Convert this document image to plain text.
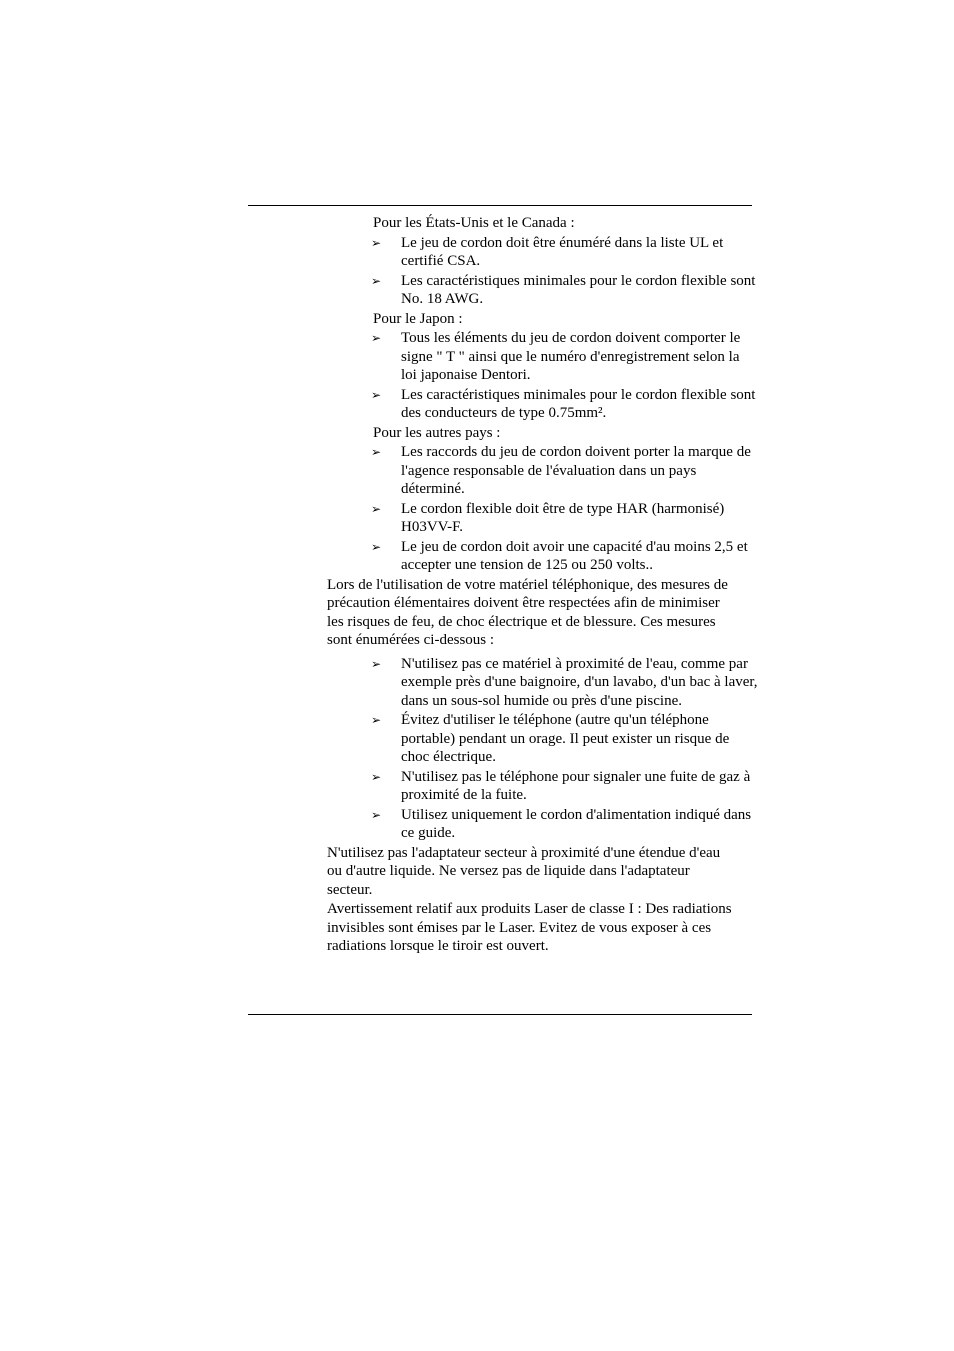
Pour les États-Unis et le Canada :
➢ Le jeu de cordon doit être énuméré dans la liste UL et certifié CSA.
➢ Les caractéristiques minimales pour le cordon flexible sont No. 18 AWG.
Pour le Japon :
➢ Tous les éléments du jeu de cordon doivent comporter le signe " T " ainsi que le numéro d'enregistrement selon la loi japonaise Dentori.
➢ Les caractéristiques minimales pour le cordon flexible sont des conducteurs de type 0.75mm².
Pour les autres pays :
➢ Les raccords du jeu de cordon doivent porter la marque de l'agence responsable de l'évaluation dans un pays déterminé.
➢ Le cordon flexible doit être de type HAR (harmonisé) H03VV-F.
➢ Le jeu de cordon doit avoir une capacité d'au moins 2,5 et accepter une tension de 125 ou 250 volts..

Lors de l'utilisation de votre matériel téléphonique, des mesures de précaution élémentaires doivent être respectées afin de minimiser les risques de feu, de choc électrique et de blessure. Ces mesures sont énumérées ci-dessous :

➢ N'utilisez pas ce matériel à proximité de l'eau, comme par exemple près d'une baignoire, d'un lavabo, d'un bac à laver, dans un sous-sol humide ou près d'une piscine.
➢ Évitez d'utiliser le téléphone (autre qu'un téléphone portable) pendant un orage. Il peut exister un risque de choc électrique.
➢ N'utilisez pas le téléphone pour signaler une fuite de gaz à proximité de la fuite.
➢ Utilisez uniquement le cordon d'alimentation indiqué dans ce guide.

N'utilisez pas l'adaptateur secteur à proximité d'une étendue d'eau ou d'autre liquide. Ne versez pas de liquide dans l'adaptateur secteur.

Avertissement relatif aux produits Laser de classe I : Des radiations invisibles sont émises par le Laser. Evitez de vous exposer à ces radiations lorsque le tiroir est ouvert.
